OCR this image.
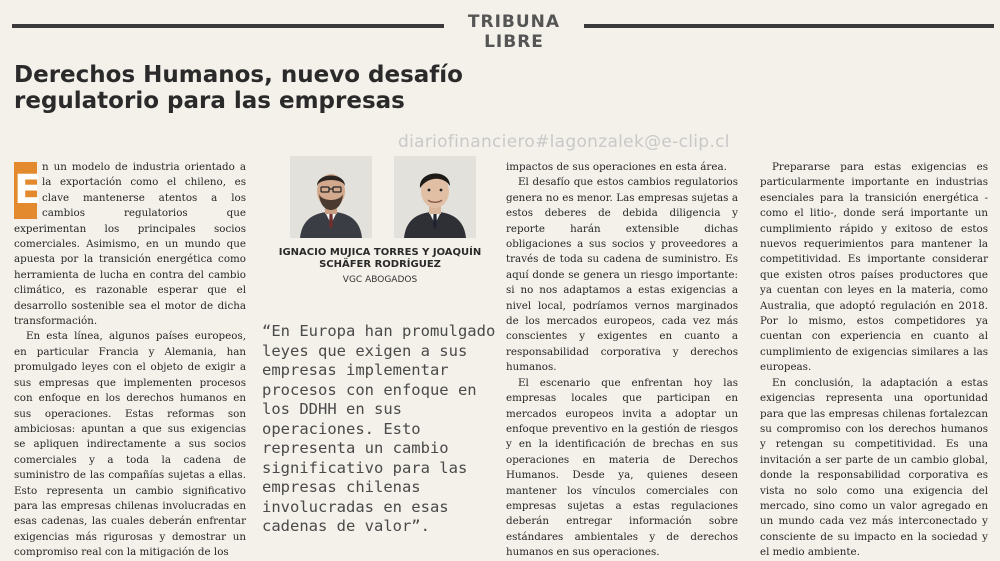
TRIBUNA LIBRE
Derechos Humanos, nuevo desafío regulatorio para las empresas
diariofinanciero#lagonzalek@e-clip.cl

E n un modelo de industria orientado a la exportación como el chileno, es clave mantenerse atentos a los cambios regulatorios que experimentan los principales socios comerciales. Asimismo, en un mundo que apuesta por la transición energética como herramienta de lucha en contra del cambio climático, es razonable esperar que el desarrollo sostenible sea el motor de dicha transformación.

En esta línea, algunos países europeos, en particular Francia y Alemania, han promulgado leyes con el objeto de exigir a sus empresas que implementen procesos con enfoque en los derechos humanos en sus operaciones. Estas reformas son ambiciosas: apuntan a que sus exigencias se apliquen indirectamente a sus socios comerciales y a toda la cadena de suministro de las compañías sujetas a ellas. Esto representa un cambio significativo para las empresas chilenas involucradas en esas cadenas, las cuales deberán enfrentar exigencias más rigurosas y demostrar un compromiso real con la mitigación de los

IGNACIO MUJICA TORRES Y JOAQUÍN SCHÄFER RODRÍGUEZ
VGC ABOGADOS
“En Europa han promulgado leyes que exigen a sus empresas implementar procesos con enfoque en los DDHH en sus operaciones. Esto representa un cambio significativo para las empresas chilenas involucradas en esas cadenas de valor”.

impactos de sus operaciones en esta área.

El desafío que estos cambios regulatorios genera no es menor. Las empresas sujetas a estos deberes de debida diligencia y reporte harán extensible dichas obligaciones a sus socios y proveedores a través de toda su cadena de suministro. Es aquí donde se genera un riesgo importante: si no nos adaptamos a estas exigencias a nivel local, podríamos vernos marginados de los mercados europeos, cada vez más conscientes y exigentes en cuanto a responsabilidad corporativa y derechos humanos.

El escenario que enfrentan hoy las empresas locales que participan en mercados europeos invita a adoptar un enfoque preventivo en la gestión de riesgos y en la identificación de brechas en sus operaciones en materia de Derechos Humanos. Desde ya, quienes deseen mantener los vínculos comerciales con empresas sujetas a estas regulaciones deberán entregar información sobre estándares ambientales y de derechos humanos en sus operaciones.

Prepararse para estas exigencias es particularmente importante en industrias esenciales para la transición energética -como el litio-, donde será importante un cumplimiento rápido y exitoso de estos nuevos requerimientos para mantener la competitividad. Es importante considerar que existen otros países productores que ya cuentan con leyes en la materia, como Australia, que adoptó regulación en 2018. Por lo mismo, estos competidores ya cuentan con experiencia en cuanto al cumplimiento de exigencias similares a las europeas.

En conclusión, la adaptación a estas exigencias representa una oportunidad para que las empresas chilenas fortalezcan su compromiso con los derechos humanos y retengan su competitividad. Es una invitación a ser parte de un cambio global, donde la responsabilidad corporativa es vista no solo como una exigencia del mercado, sino como un valor agregado en un mundo cada vez más interconectado y consciente de su impacto en la sociedad y el medio ambiente.
